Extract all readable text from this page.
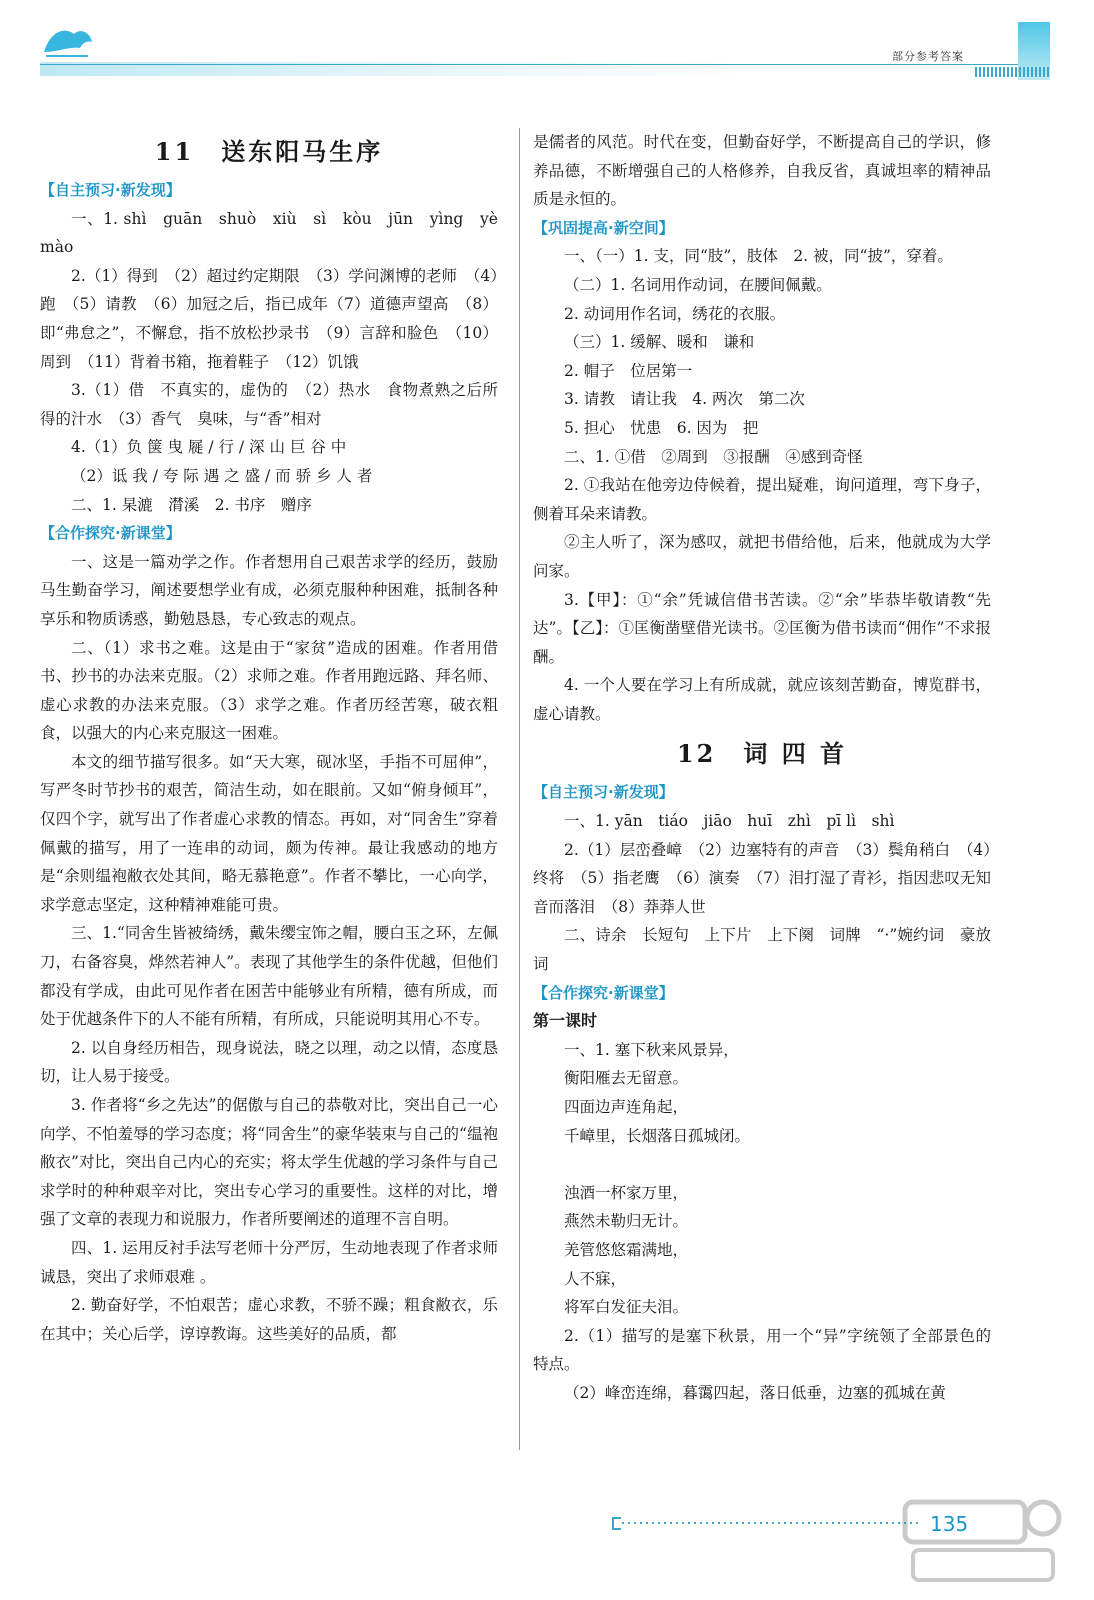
部分参考答案
11　送东阳马生序

【自主预习·新发现】

一、1. shì　guān　shuò　xiù　sì　kòu　jūn　yìng　yè　mào

2.（1）得到　（2）超过约定期限　（3）学问渊博的老师　（4）跑　（5）请教　（6）加冠之后，指已成年（7）道德声望高　（8）即“弗怠之”，不懈怠，指不放松抄录书　（9）言辞和脸色　（10）周到　（11）背着书箱，拖着鞋子　（12）饥饿

3.（1）借　不真实的，虚伪的　（2）热水　食物煮熟之后所得的汁水　（3）香气　臭味，与“香”相对

4.（1）负 箧 曳 屣 / 行 / 深 山 巨 谷 中

（2）诋 我 / 夸 际 遇 之 盛 / 而 骄 乡 人 者

二、1. 杲漉　潸溪　2. 书序　赠序

【合作探究·新课堂】

一、这是一篇劝学之作。作者想用自己艰苦求学的经历，鼓励马生勤奋学习，阐述要想学业有成，必须克服种种困难，抵制各种享乐和物质诱惑，勤勉恳恳，专心致志的观点。

二、（1）求书之难。这是由于“家贫”造成的困难。作者用借书、抄书的办法来克服。（2）求师之难。作者用跑远路、拜名师、虚心求教的办法来克服。（3）求学之难。作者历经苦寒，破衣粗食，以强大的内心来克服这一困难。

本文的细节描写很多。如“天大寒，砚冰坚，手指不可屈伸”，写严冬时节抄书的艰苦，简洁生动，如在眼前。又如“俯身倾耳”，仅四个字，就写出了作者虚心求教的情态。再如，对“同舍生”穿着佩戴的描写，用了一连串的动词，颇为传神。最让我感动的地方是“余则缊袍敝衣处其间，略无慕艳意”。作者不攀比，一心向学，求学意志坚定，这种精神难能可贵。

三、1.“同舍生皆被绮绣，戴朱缨宝饰之帽，腰白玉之环，左佩刀，右备容臭，烨然若神人”。表现了其他学生的条件优越，但他们都没有学成，由此可见作者在困苦中能够业有所精，德有所成，而处于优越条件下的人不能有所精，有所成，只能说明其用心不专。

2. 以自身经历相告，现身说法，晓之以理，动之以情，态度恳切，让人易于接受。

3. 作者将“乡之先达”的倨傲与自己的恭敬对比，突出自己一心向学、不怕羞辱的学习态度；将“同舍生”的豪华装束与自己的“缊袍敝衣”对比，突出自己内心的充实；将太学生优越的学习条件与自己求学时的种种艰辛对比，突出专心学习的重要性。这样的对比，增强了文章的表现力和说服力，作者所要阐述的道理不言自明。

四、1. 运用反衬手法写老师十分严厉，生动地表现了作者求师诚恳，突出了求师艰难 。

2. 勤奋好学，不怕艰苦；虚心求教，不骄不躁；粗食敝衣，乐在其中；关心后学，谆谆教诲。这些美好的品质，都

是儒者的风范。时代在变，但勤奋好学，不断提高自己的学识，修养品德，不断增强自己的人格修养，自我反省，真诚坦率的精神品质是永恒的。

【巩固提高·新空间】

一、（一）1. 支，同“肢”，肢体　2. 被，同“披”，穿着。

（二）1. 名词用作动词，在腰间佩戴。

2. 动词用作名词，绣花的衣服。

（三）1. 缓解、暖和　谦和

2. 帽子　位居第一

3. 请教　请让我　4. 两次　第二次

5. 担心　忧患　6. 因为　把

二、1. ①借　②周到　③报酬　④感到奇怪

2. ①我站在他旁边侍候着，提出疑难，询问道理，弯下身子，侧着耳朵来请教。

②主人听了，深为感叹，就把书借给他，后来，他就成为大学问家。

3.【甲】：①“余”凭诚信借书苦读。②“余”毕恭毕敬请教“先达”。【乙】：①匡衡凿壁借光读书。②匡衡为借书读而“佣作”不求报酬。

4. 一个人要在学习上有所成就，就应该刻苦勤奋，博览群书，虚心请教。

12　词 四 首

【自主预习·新发现】

一、1. yān　tiáo　jiāo　huī　zhì　pī lì　shì

2.（1）层峦叠嶂　（2）边塞特有的声音　（3）鬓角稍白　（4）终将　（5）指老鹰　（6）演奏　（7）泪打湿了青衫，指因悲叹无知音而落泪　（8）莽莽人世

二、诗余　长短句　上下片　上下阕　词牌　“·”婉约词　豪放词

【合作探究·新课堂】

第一课时

一、1. 塞下秋来风景异，

衡阳雁去无留意。

四面边声连角起，

千嶂里，长烟落日孤城闭。

浊酒一杯家万里，

燕然未勒归无计。

羌管悠悠霜满地，

人不寐，

将军白发征夫泪。

2.（1）描写的是塞下秋景，用一个“异”字统领了全部景色的特点。

（2）峰峦连绵，暮霭四起，落日低垂，边塞的孤城在黄

135
